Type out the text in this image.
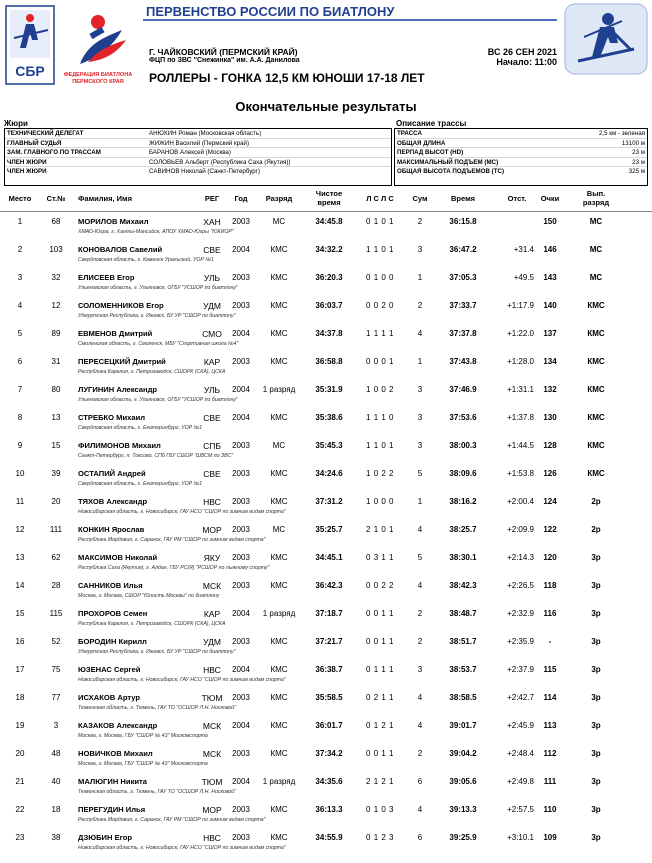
СБР	ФЕДЕРАЦИЯ БИАТЛОНА
ПЕРМСКОГО КРАЯ
ПЕРВЕНСТВО РОССИИ ПО БИАТЛОНУ
Г. ЧАЙКОВСКИЙ (ПЕРМСКИЙ КРАЙ)
ФЦП по ЗВС "Снежинка" им. А.А. Данилова
ВС 26 СЕН 2021
Начало: 11:00
РОЛЛЕРЫ - ГОНКА 12,5 КМ ЮНОШИ 17-18 ЛЕТ
Окончательные результаты
Жюри	Описание трассы
ТЕХНИЧЕСКИЙ ДЕЛЕГАТ	АНЮХИН Роман (Московская область)
ГЛАВНЫЙ СУДЬЯ	ЖИЖИН Василий (Пермский край)
ЗАМ. ГЛАВНОГО ПО ТРАССАМ	БАРАНОВ Алексей (Москва)
ЧЛЕН ЖЮРИ	СОЛОВЬЕВ Альберт (Республика Саха (Якутия))
ЧЛЕН ЖЮРИ	САВИНОВ Николай (Санкт-Петербург)
ТРАССА	2,5 км - зеленая
ОБЩАЯ ДЛИНА	13100 м
ПЕРПАД ВЫСОТ (HD)	23 м
МАКСИМАЛЬНЫЙ ПОДЪЕМ (МС)	23 м
ОБЩАЯ ВЫСОТА ПОДЪЕМОВ (ТС)	325 м
Место	Ст.№	Фамилия, Имя	РЕГ	Год	Разряд
Чистое
время	Л С Л С	Сум	Время	Отст.	Очки
Вып.
разряд
1	68	МОРИЛОВ Михаил	ХАН	2003	МС	34:45.8	0 1 0 1	2	36:15.8	150	МС
ХМАО-Югра, г. Ханты-Мансийск, АПОУ ХМАО-Югры "ЮКИОР"
2	103	КОНОВАЛОВ Савелий	СВЕ	2004	КМС	34:32.2	1 1 0 1	3	36:47.2	+31.4	146	МС
Свердловская область, г. Каменск Уральский, УОР №1
3	32	ЕЛИСЕЕВ Егор	УЛЬ	2003	КМС	36:20.3	0 1 0 0	1	37:05.3	+49.5	143	МС
Ульяновская область, г. Ульяновск, ОГБУ "УСШОР по биатлону"
4	12	СОЛОМЕННИКОВ Егор	УДМ	2003	КМС	36:03.7	0 0 2 0	2	37:33.7	+1:17.9	140	КМС
Удмуртская Республика, г. Ижевск, БУ УР "СШОР по биатлону"
5	89	ЕВМЕНОВ Дмитрий	СМО	2004	КМС	34:37.8	1 1 1 1	4	37:37.8	+1:22.0	137	КМС
Смоленская область, г. Смоленск, МБУ "Спортивная школа №4"
6	31	ПЕРЕСЕЦКИЙ Дмитрий	КАР	2003	КМС	36:58.8	0 0 0 1	1	37:43.8	+1:28.0	134	КМС
Республика Карелия, г. Петрозаводск, СШОРК (СКА), ЦСКА
7	80	ЛУГИНИН Александр	УЛЬ	2004	1 разряд	35:31.9	1 0 0 2	3	37:46.9	+1:31.1	132	КМС
Ульяновская область, г. Ульяновск, ОГБУ "УСШОР по биатлону"
8	13	СТРЕБКО Михаил	СВЕ	2004	КМС	35:38.6	1 1 1 0	3	37:53.6	+1:37.8	130	КМС
Свердловская область, г. Екатеринбург, УОР №1
9	15	ФИЛИМОНОВ Михаил	СПБ	2003	МС	35:45.3	1 1 0 1	3	38:00.3	+1:44.5	128	КМС
Санкт-Петербург, п. Токсово, СПб ГБУ СШОР "ШВСМ по ЗВС"
10	39	ОСТАПИЙ Андрей	СВЕ	2003	КМС	34:24.6	1 0 2 2	5	38:09.6	+1:53.8	126	КМС
Свердловская область, г. Екатеринбург, УОР №1
11	20	ТЯХОВ Александр	НВС	2003	КМС	37:31.2	1 0 0 0	1	38:16.2	+2:00.4	124	2р
Новосибирская область, г. Новосибирск, ГАУ НСО "СШОР по зимним видам спорта"
12	111	КОНКИН Ярослав	МОР	2003	МС	35:25.7	2 1 0 1	4	38:25.7	+2:09.9	122	2р
Республика Мордовия, г. Саранск, ГАУ РМ "СШОР по зимним видам спорта"
13	62	МАКСИМОВ Николай	ЯКУ	2003	КМС	34:45.1	0 3 1 1	5	38:30.1	+2:14.3	120	3р
Республика Саха (Якутия), г. Алдан, ГБУ РС(Я) "РСШОР по лыжному спорту"
14	28	САННИКОВ Илья	МСК	2003	КМС	36:42.3	0 0 2 2	4	38:42.3	+2:26.5	118	3р
Москва, г. Москва, СШОР "Юность Москвы" по биатлону
15	115	ПРОХОРОВ Семен	КАР	2004	1 разряд	37:18.7	0 0 1 1	2	38:48.7	+2:32.9	116	3р
Республика Карелия, г. Петрозаводск, СШОРК (СКА), ЦСКА
16	52	БОРОДИН Кирилл	УДМ	2003	КМС	37:21.7	0 0 1 1	2	38:51.7	+2:35.9	-	3р
Удмуртская Республика, г. Ижевск, БУ УР "СШОР по биатлону"
17	75	ЮЗЕНАС Сергей	НВС	2004	КМС	36:38.7	0 1 1 1	3	38:53.7	+2:37.9	115	3р
Новосибирская область, г. Новосибирск, ГАУ НСО "СШОР по зимним видам спорта"
18	77	ИСХАКОВ Артур	ТЮМ	2003	КМС	35:58.5	0 2 1 1	4	38:58.5	+2:42.7	114	3р
Тюменская область, г. Тюмень, ГАУ ТО "ОСШОР Л.Н. Носковой"
19	3	КАЗАКОВ Александр	МСК	2004	КМС	36:01.7	0 1 2 1	4	39:01.7	+2:45.9	113	3р
Москва, г. Москва, ГБУ "СШОР № 43" Москомспорта
20	48	НОВИЧКОВ Михаил	МСК	2003	КМС	37:34.2	0 0 1 1	2	39:04.2	+2:48.4	112	3р
Москва, г. Москва, ГБУ "СШОР № 43" Москомспорта
21	40	МАЛЮГИН Никита	ТЮМ	2004	1 разряд	34:35.6	2 1 2 1	6	39:05.6	+2:49.8	111	3р
Тюменская область, г. Тюмень, ГАУ ТО "ОСШОР Л.Н. Носковой"
22	18	ПЕРЕГУДИН Илья	МОР	2003	КМС	36:13.3	0 1 0 3	4	39:13.3	+2:57.5	110	3р
Республика Мордовия, г. Саранск, ГАУ РМ "СШОР по зимним видам спорта"
23	38	ДЗЮБИН Егор	НВС	2003	КМС	34:55.9	0 1 2 3	6	39:25.9	+3:10.1	109	3р
Новосибирская область, г. Новосибирск, ГАУ НСО "СШОР по зимним видам спорта"
